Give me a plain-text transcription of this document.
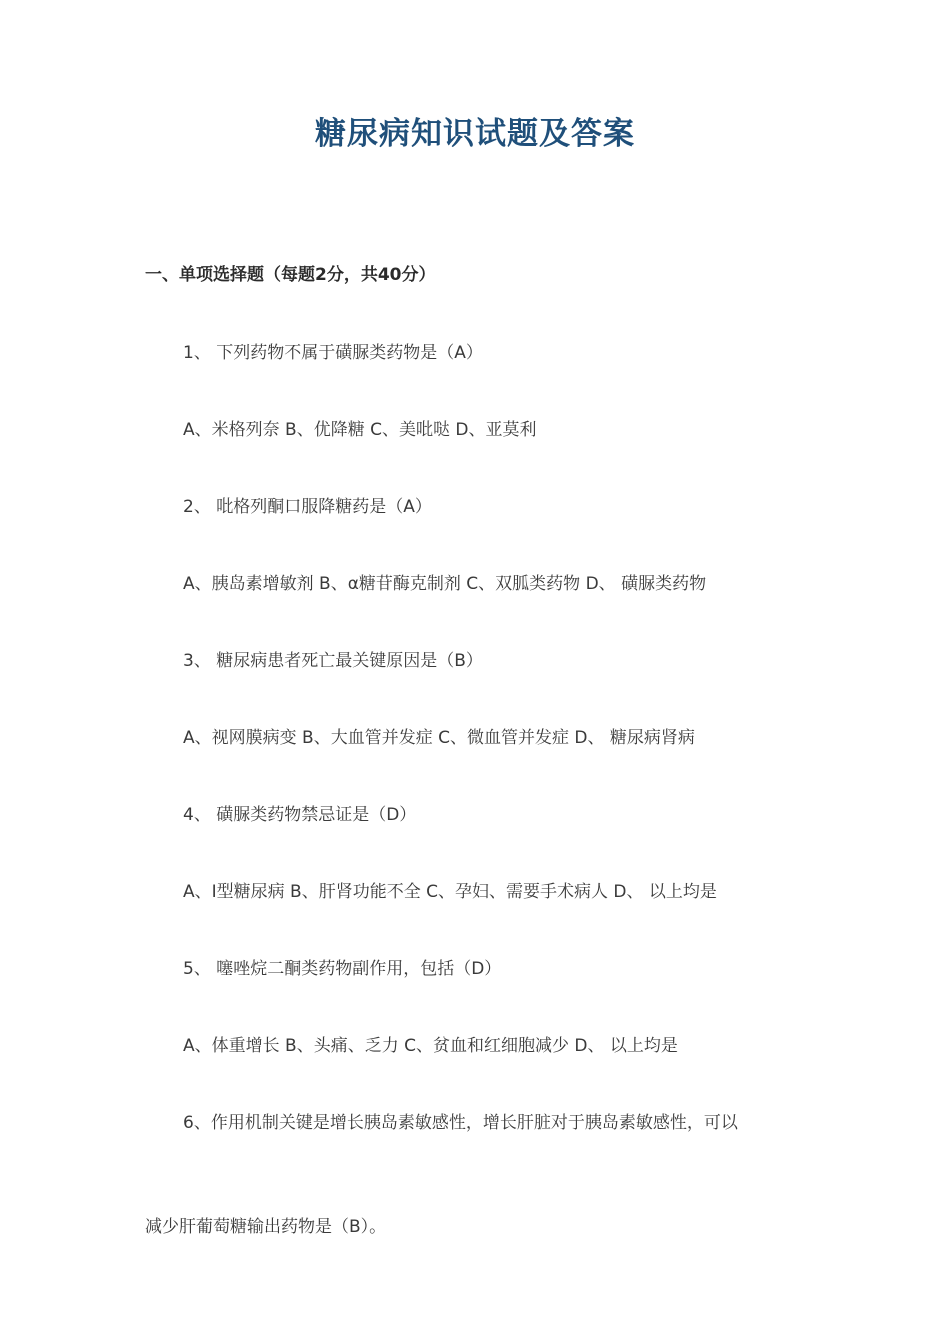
糖尿病知识试题及答案
一、单项选择题（每题2分，共40分）
1、 下列药物不属于磺脲类药物是（A）
A、米格列奈 B、优降糖 C、美吡哒 D、亚莫利
2、 吡格列酮口服降糖药是（A）
A、胰岛素增敏剂 B、α糖苷酶克制剂 C、双胍类药物 D、 磺脲类药物
3、 糖尿病患者死亡最关键原因是（B）
A、视网膜病变 B、大血管并发症 C、微血管并发症 D、 糖尿病肾病
4、 磺脲类药物禁忌证是（D）
A、I型糖尿病 B、肝肾功能不全 C、孕妇、需要手术病人 D、 以上均是
5、 噻唑烷二酮类药物副作用，包括（D）
A、体重增长 B、头痛、乏力 C、贫血和红细胞减少 D、 以上均是
6、作用机制关键是增长胰岛素敏感性，增长肝脏对于胰岛素敏感性，可以
减少肝葡萄糖输出药物是（B）。
